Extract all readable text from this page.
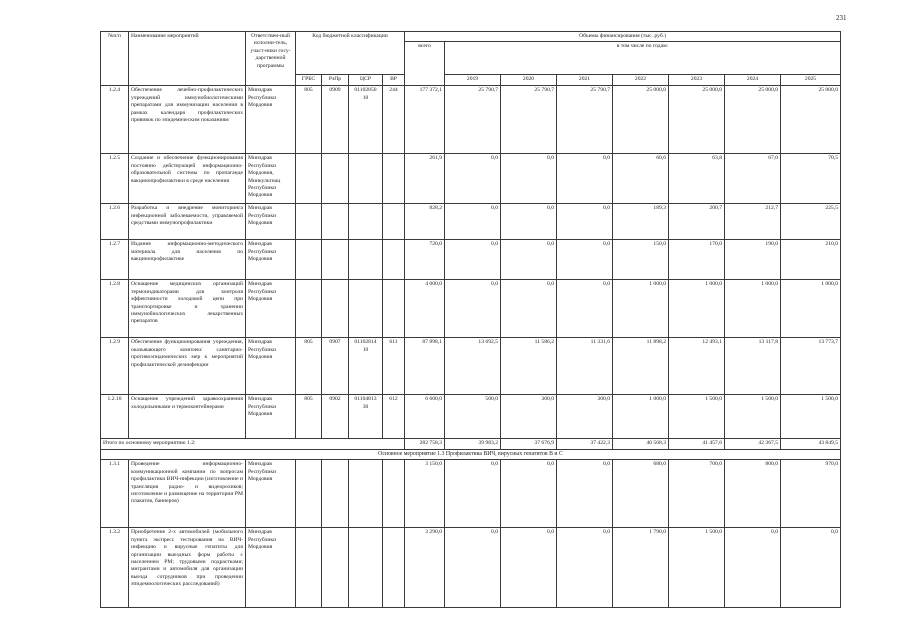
231
№п/п	Наименование мероприятий	Ответствен-ный исполни-тель, участ-ники госу-дарственной программы	Код бюджетной классификации				Объемы финансирования (тыс. руб.)							
							всего	в том числе по годам:						
			ГРБС	РзПр	ЦСР	ВР		2019	2020	2021	2022	2023	2024	2025
1.2.4	Обеспечение лечебно-профилактических учреждений иммунобиологическими препаратами для иммунизации населения в рамках календаря профилактических прививок по эпидемическим показаниям	Минздрав Республики Мордовия	805	0909	01102850 10	244	177 372,1	25 790,7	25 790,7	25 790,7	25 000,0	25 000,0	25 000,0	25 000,0
1.2.5	Создание и обеспечение функционирования постоянно действующей информационно-образовательной системы по пропаганде вакцинопрофилактики в среде населения	Минздрав Республики Мордовия, Минкультнац Республики Мордовия					261,9	0,0	0,0	0,0	60,6	63,8	67,0	70,5
1.2.6	Разработка и внедрение мониторинга инфекционной заболеваемости, управляемой средствами иммунопрофилактики	Минздрав Республики Мордовия					828,2	0,0	0,0	0,0	189,3	200,7	212,7	225,5
1.2.7	Издание информационно-методического материала для населения по вакцинопрофилактике	Минздрав Республики Мордовия					720,0	0,0	0,0	0,0	150,0	170,0	190,0	210,0
1.2.8	Оснащение медицинских организаций термоиндикаторами для контроля эффективности холодовой цепи при транспортировке и хранении иммунобиологических лекарственных препаратов	Минздрав Республики Мордовия					4 000,0	0,0	0,0	0,0	1 000,0	1 000,0	1 000,0	1 000,0
1.2.9	Обеспечение функционирования учреждения, оказывающего комплекс санитарно-противоэпидемических мер к мероприятий профилактической дезинфекции	Минздрав Республики Мордовия	805	0907	01102814 10	611	87 898,1	13 692,5	11 586,2	11 331,6	11 898,2	12 493,1	13 117,8	13 773,7
1.2.10	Оснащение учреждений здравоохранения холодильниками и термоконтейнерами	Минздрав Республики Мордовия	805	0902	01104813 30	612	6 600,0	500,0	300,0	300,0	1 000,0	1 500,0	1 500,0	1 500,0
Итого по основному мероприятию 1.2:							282 758,3	39 983,2	37 676,9	37 422,3	40 568,3	41 457,6	42 367,5	43 849,5
Основное мероприятие 1.3 Профилактика ВИЧ, вирусных гепатитов В и С														
1.3.1	Проведение информационно-коммуникационной компании по вопросам профилактики ВИЧ-инфекции (изготовление и трансляция радио- и видеороликов; изготовление и размещение на территории РМ плакатов, баннеров)	Минздрав Республики Мордовия					3 150,0	0,0	0,0	0,0	680,0	700,0	800,0	970,0
1.3.2	Приобретение 2-х автомобилей (мобильного пункта экспресс тестирования на ВИЧ-инфекцию и вирусные гепатиты для организации выездных форм работы с населением РМ; трудовыми подрастками; мигрантами и автомобиля для организации выезда сотрудников при проведении эпидемиологических расследований)	Минздрав Республики Мордовия					3 290,0	0,0	0,0	0,0	1 790,0	1 500,0	0,0	0,0
